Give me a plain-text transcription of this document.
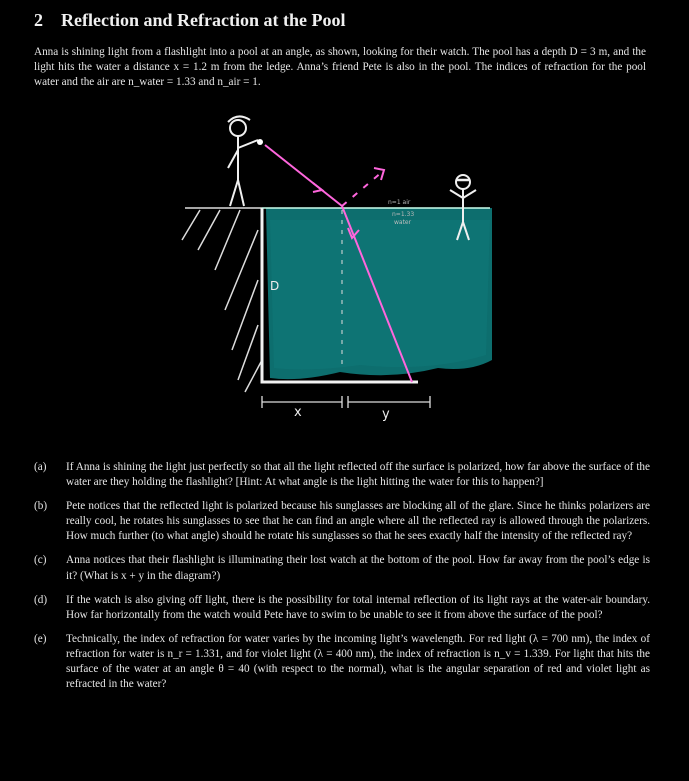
2 Reflection and Refraction at the Pool
Anna is shining light from a flashlight into a pool at an angle, as shown, looking for their watch. The pool has a depth D = 3 m, and the light hits the water a distance x = 1.2 m from the ledge. Anna’s friend Pete is also in the pool. The indices of refraction for the pool water and the air are n_water = 1.33 and n_air = 1.
n=1 air
n=1.33
water
D
x	y
(a)	If Anna is shining the light just perfectly so that all the light reflected off the surface is polarized, how far above the surface of the water are they holding the flashlight? [Hint: At what angle is the light hitting the water for this to happen?]
(b)	Pete notices that the reflected light is polarized because his sunglasses are blocking all of the glare. Since he thinks polarizers are really cool, he rotates his sunglasses to see that he can find an angle where all the reflected ray is allowed through the polarizers. How much further (to what angle) should he rotate his sunglasses so that he sees exactly half the intensity of the reflected ray?
(c)	Anna notices that their flashlight is illuminating their lost watch at the bottom of the pool. How far away from the pool’s edge is it? (What is x + y in the diagram?)
(d)	If the watch is also giving off light, there is the possibility for total internal reflection of its light rays at the water-air boundary. How far horizontally from the watch would Pete have to swim to be unable to see it from above the surface of the pool?
(e)	Technically, the index of refraction for water varies by the incoming light’s wavelength. For red light (λ = 700 nm), the index of refraction for water is n_r = 1.331, and for violet light (λ = 400 nm), the index of refraction is n_v = 1.339. For light that hits the surface of the water at an angle θ = 40 (with respect to the normal), what is the angular separation of red and violet light as refracted in the water?
